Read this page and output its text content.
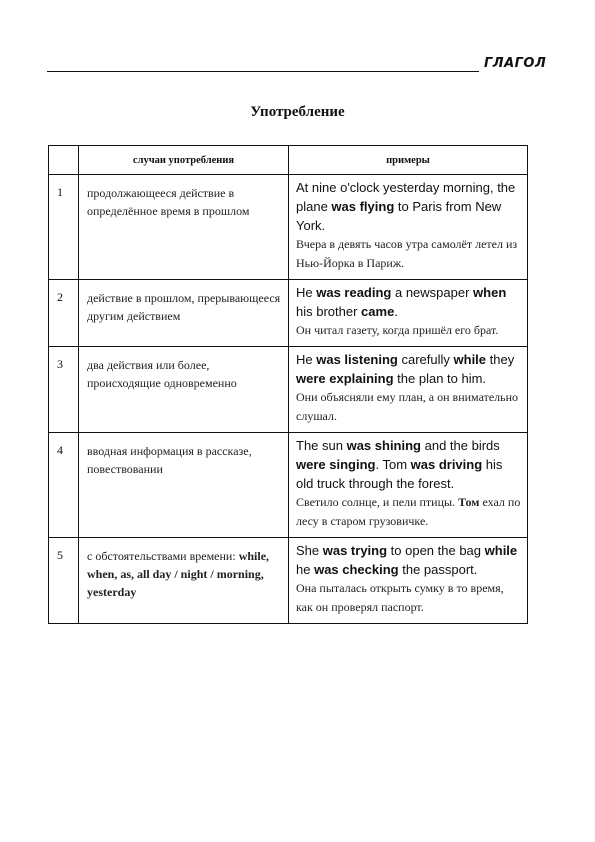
ГЛАГОЛ
Употребление
	случаи употребления	примеры
1	продолжающееся действие в определённое время в прошлом	At nine o'clock yesterday morning, the plane was flying to Paris from New York.
Вчера в девять часов утра самолёт летел из Нью-Йорка в Париж.

2	действие в прошлом, прерывающееся другим действием	He was reading a newspaper when his brother came.
Он читал газету, когда пришёл его брат.

3	два действия или более, происходящие одновременно	He was listening carefully while they were explaining the plan to him.
Они объясняли ему план, а он внимательно слушал.

4	вводная информация в рассказе, повествовании	The sun was shining and the birds were singing. Tom was driving his old truck through the forest.
Светило солнце, и пели птицы. Том ехал по лесу в старом грузовичке.

5	с обстоятельствами времени: while, when, as, all day / night / morning, yesterday	She was trying to open the bag while he was checking the passport.
Она пыталась открыть сумку в то время, как он проверял паспорт.
